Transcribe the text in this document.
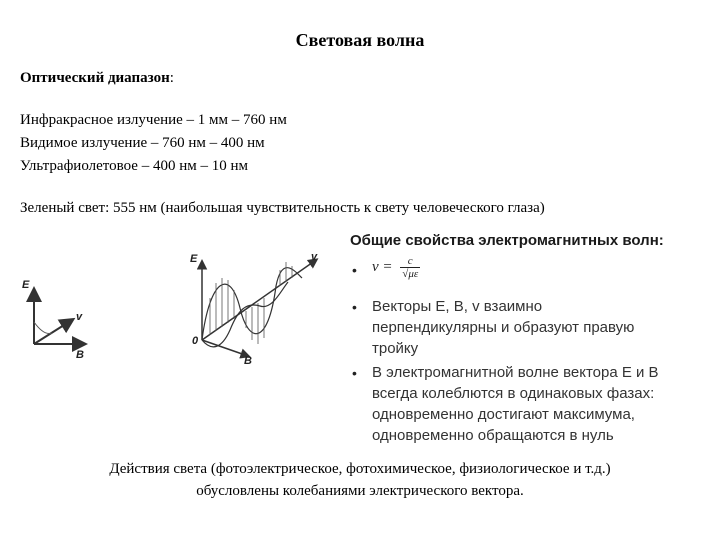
Световая волна
Оптический диапазон:
Инфракрасное излучение – 1 мм – 760 нм
Видимое излучение – 760 нм – 400 нм
Ультрафиолетовое – 400 нм – 10 нм
Зеленый свет: 555 нм (наибольшая чувствительность к свету человеческого глаза)
E
v
B
E	v
B
0
Общие свойства электромагнитных волн:
• $v = \frac{c}{√\mu\varepsilon}$
• Векторы E, B, v взаимно
перпендикулярны и образуют правую
тройку
• В электромагнитной волне вектора E и B
всегда колеблются в одинаковых фазах:
одновременно достигают максимума,
одновременно обращаются в нуль
Действия света (фотоэлектрическое, фотохимическое, физиологическое и т.д.)
обусловлены колебаниями электрического вектора.
